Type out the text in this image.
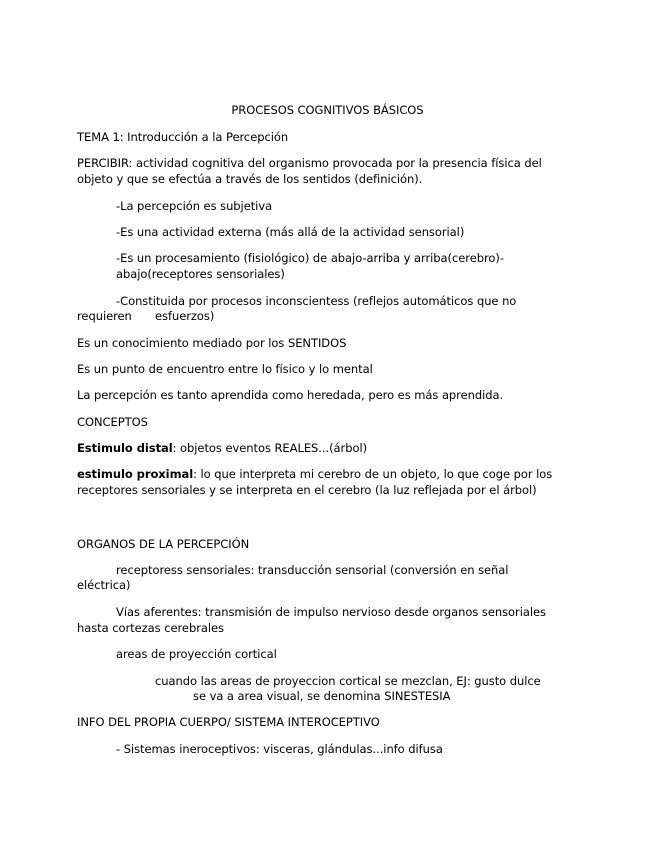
PROCESOS COGNITIVOS BÁSICOS
TEMA 1: Introducción a la Percepción
PERCIBIR: actividad cognitiva del organismo provocada por la presencia física del
objeto y que se efectúa a través de los sentidos (definición).
-La percepción es subjetiva
-Es una actividad externa (más allá de la actividad sensorial)
-Es un procesamiento (fisiológico) de abajo-arriba y arriba(cerebro)-
abajo(receptores sensoriales)
-Constituida por procesos inconscientess (reflejos automáticos que no
requieren esfuerzos)
Es un conocimiento mediado por los SENTIDOS
Es un punto de encuentro entre lo físico y lo mental
La percepción es tanto aprendida como heredada, pero es más aprendida.
CONCEPTOS
Estimulo distal: objetos eventos REALES...(árbol)
estimulo proximal: lo que interpreta mi cerebro de un objeto, lo que coge por los
receptores sensoriales y se interpreta en el cerebro (la luz reflejada por el árbol)
ORGANOS DE LA PERCEPCIÓN
receptoress sensoriales: transducción sensorial (conversión en señal
eléctrica)
Vías aferentes: transmisión de impulso nervioso desde organos sensoriales
hasta cortezas cerebrales
areas de proyección cortical
cuando las areas de proyeccion cortical se mezclan, EJ: gusto dulce
se va a area visual, se denomina SINESTESIA
INFO DEL PROPIA CUERPO/ SISTEMA INTEROCEPTIVO
- Sistemas ineroceptivos: visceras, glándulas...info difusa
